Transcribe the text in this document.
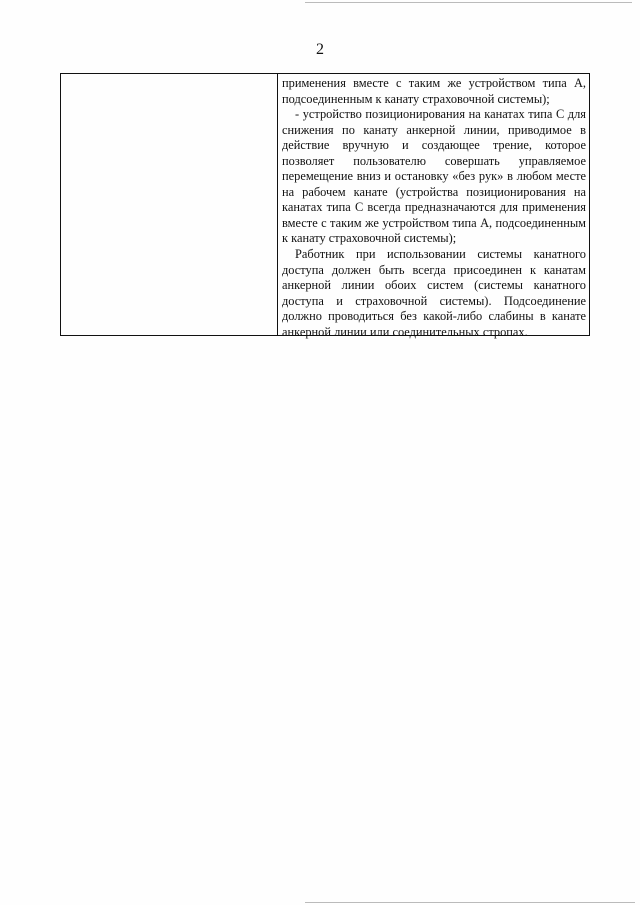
2

применения вместе с таким же устройством типа А, подсоединенным к канату страховочной системы);

- устройство позиционирования на канатах типа С для снижения по канату анкерной линии, приводимое в действие вручную и создающее трение, которое позволяет пользователю совершать управляемое перемещение вниз и остановку «без рук» в любом месте на рабочем канате (устройства позиционирования на канатах типа С всегда предназначаются для применения вместе с таким же устройством типа А, подсоединенным к канату страховочной системы);

Работник при использовании системы канатного доступа должен быть всегда присоединен к канатам анкерной линии обоих систем (системы канатного доступа и страховочной системы). Подсоединение должно проводиться без какой-либо слабины в канате анкерной линии или соединительных стропах.
